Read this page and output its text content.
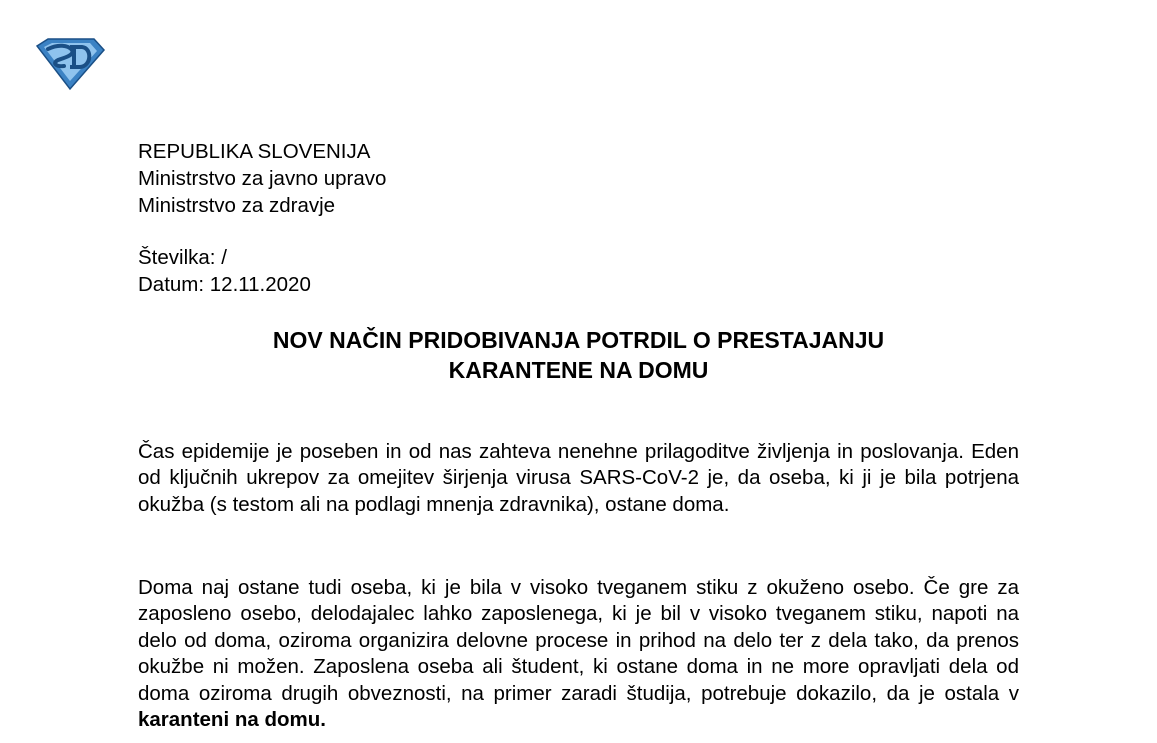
REPUBLIKA SLOVENIJA
Ministrstvo za javno upravo
Ministrstvo za zdravje
Številka: /
Datum: 12.11.2020
NOV NAČIN PRIDOBIVANJA POTRDIL O PRESTAJANJU
KARANTENE NA DOMU

Čas epidemije je poseben in od nas zahteva nenehne prilagoditve življenja in poslovanja. Eden od ključnih ukrepov za omejitev širjenja virusa SARS-CoV-2 je, da oseba, ki ji je bila potrjena okužba (s testom ali na podlagi mnenja zdravnika), ostane doma.

Doma naj ostane tudi oseba, ki je bila v visoko tveganem stiku z okuženo osebo. Če gre za zaposleno osebo, delodajalec lahko zaposlenega, ki je bil v visoko tveganem stiku, napoti na delo od doma, oziroma organizira delovne procese in prihod na delo ter z dela tako, da prenos okužbe ni možen. Zaposlena oseba ali študent, ki ostane doma in ne more opravljati dela od doma oziroma drugih obveznosti, na primer zaradi študija, potrebuje dokazilo, da je ostala v karanteni na domu.
